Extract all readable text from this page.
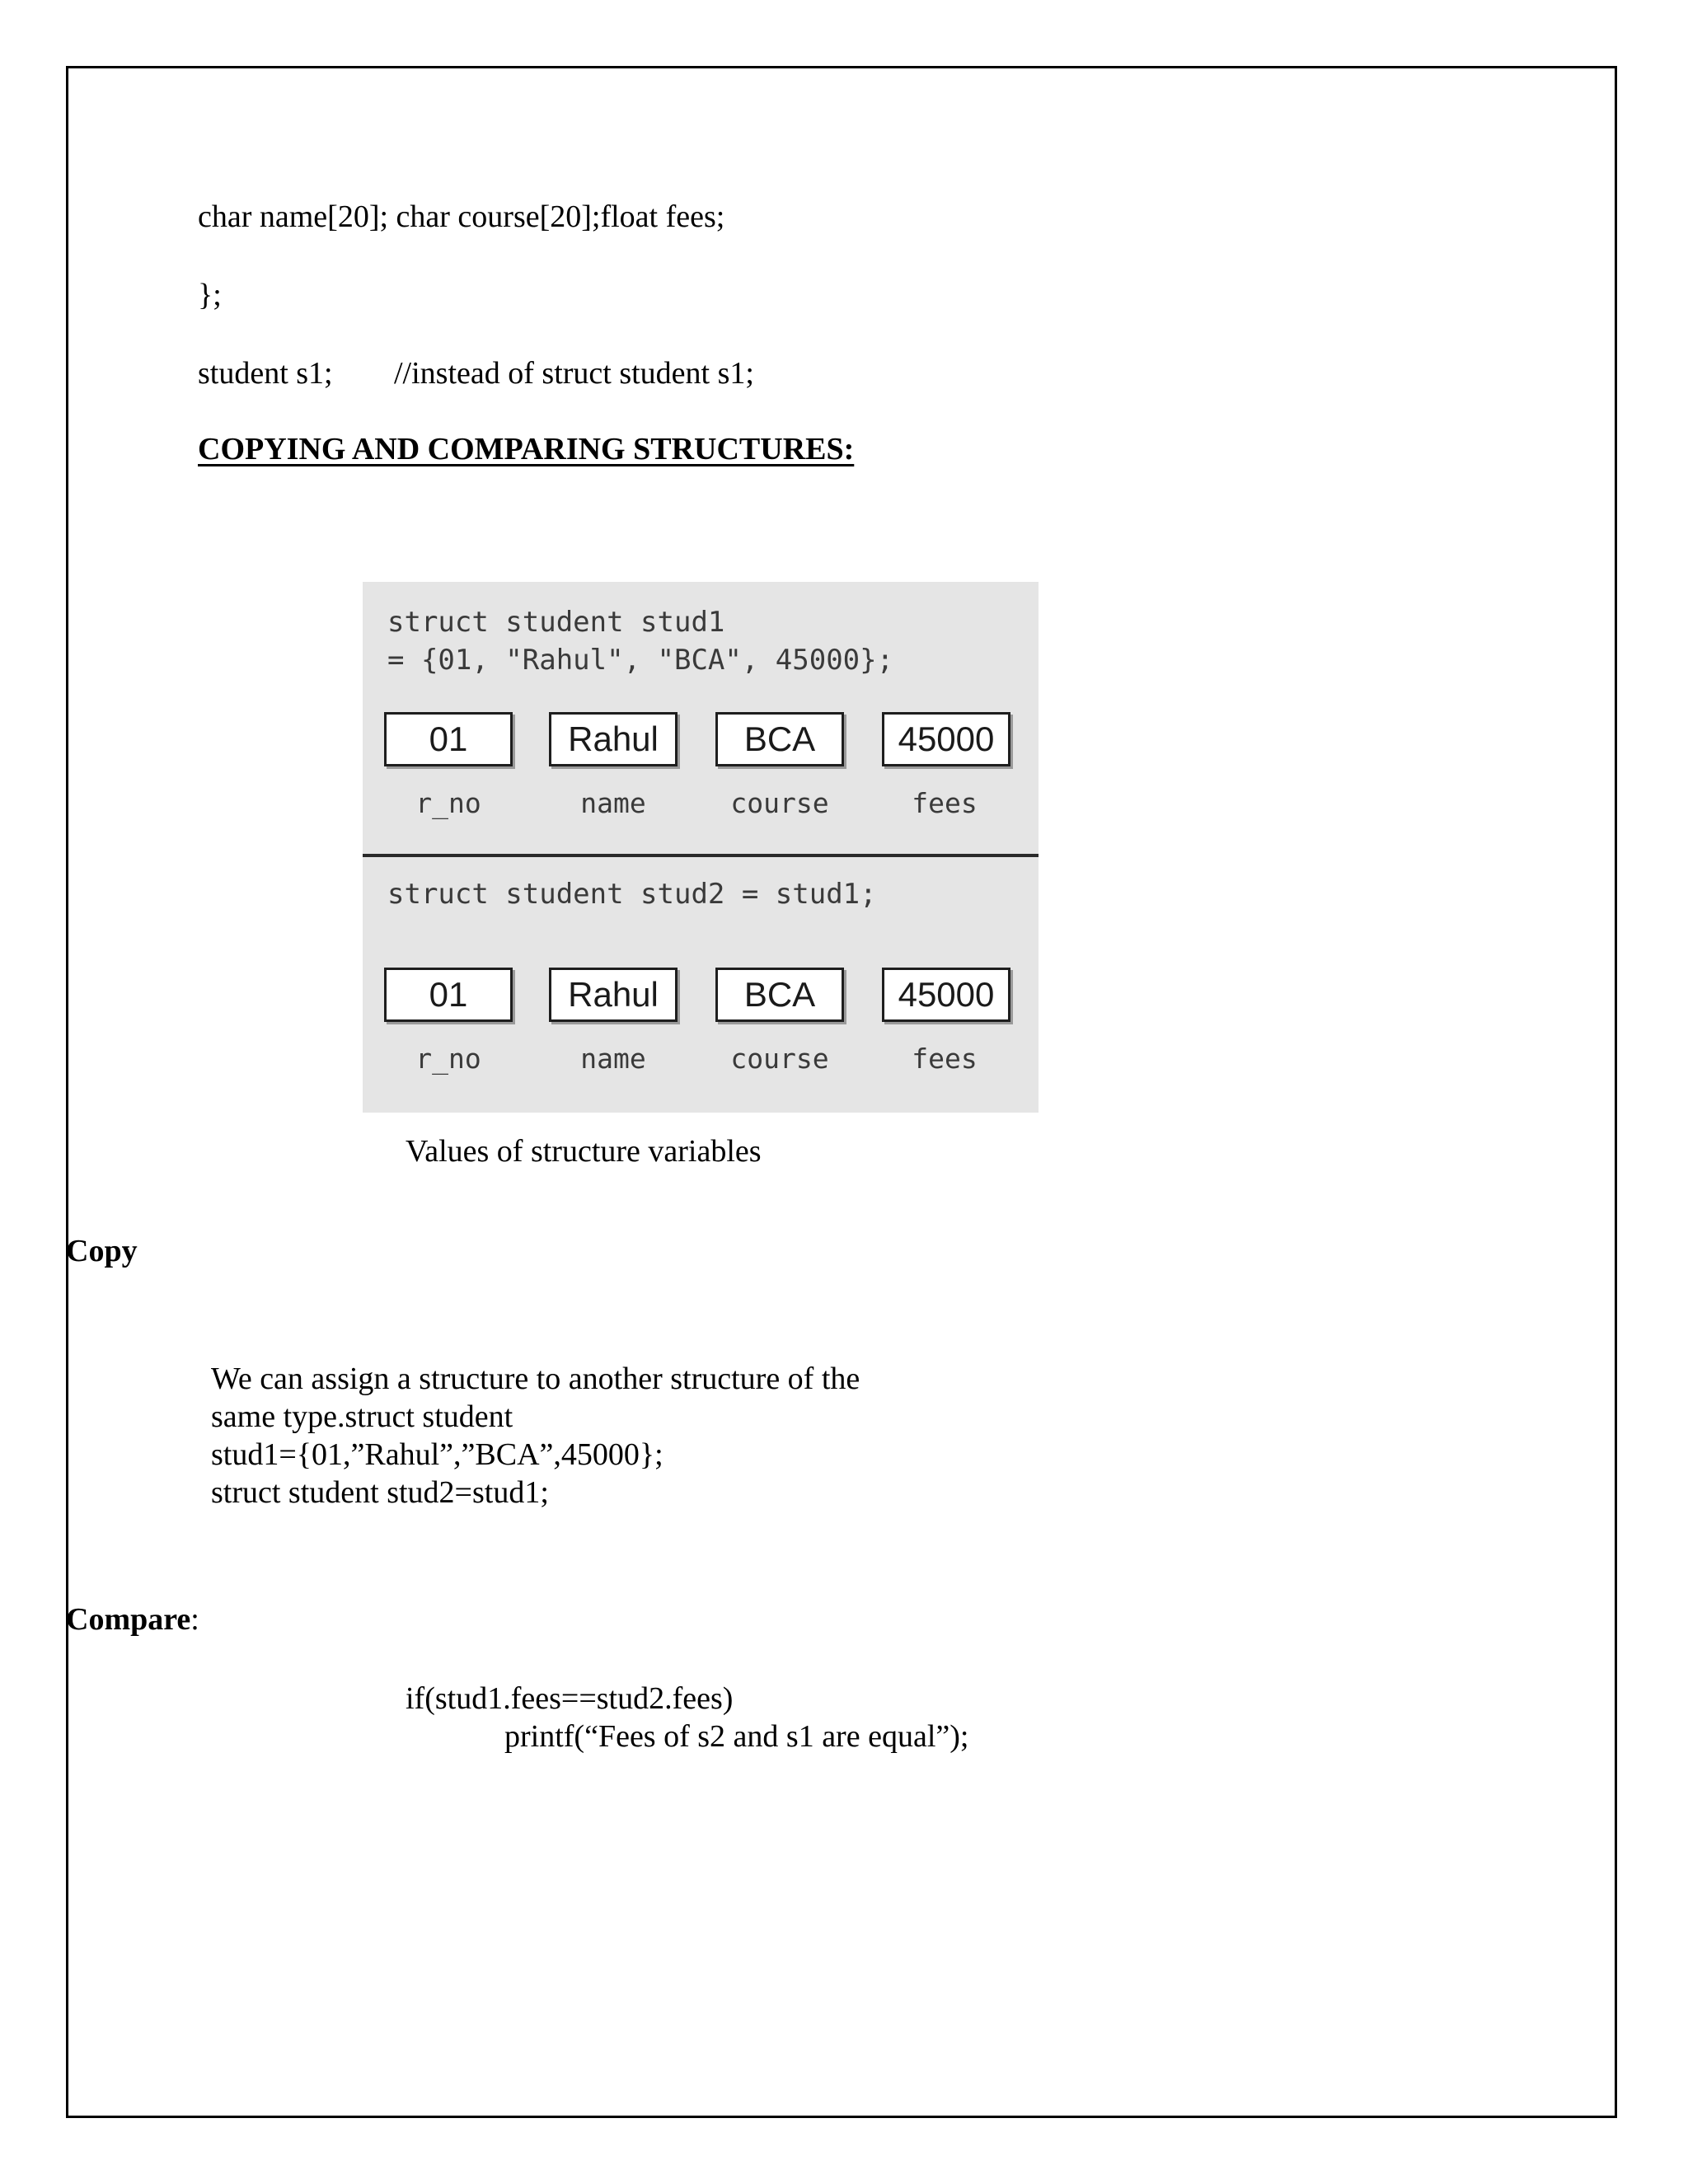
char name[20]; char course[20];float fees;
};
student s1; //instead of struct student s1;
COPYING AND COMPARING STRUCTURES:
struct student stud1
= {01, "Rahul", "BCA", 45000};
01	Rahul	BCA	45000
r_no	name	course	fees
struct student stud2 = stud1;
01	Rahul	BCA	45000
r_no	name	course	fees
Values of structure variables
Copy
We can assign a structure to another structure of the
same type.struct student
stud1={01,”Rahul”,”BCA”,45000};
struct student stud2=stud1;
Compare:
if(stud1.fees==stud2.fees)
printf(“Fees of s2 and s1 are equal”);
